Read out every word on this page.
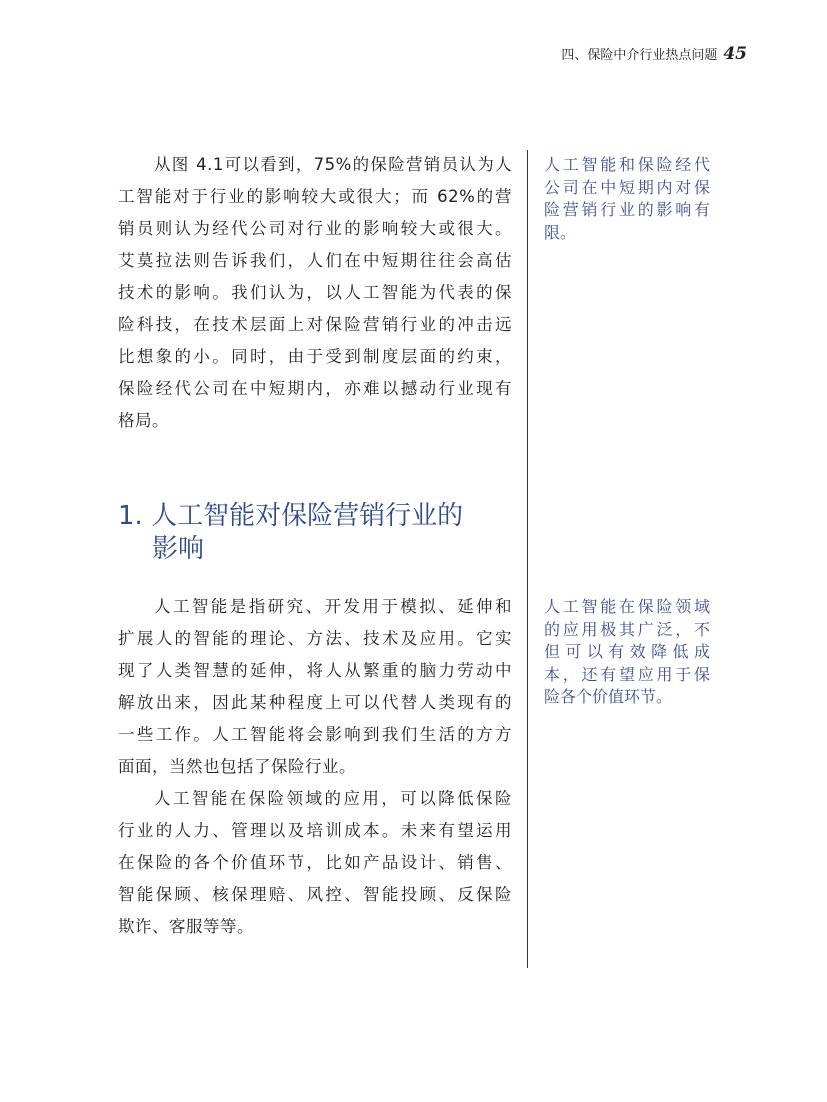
四、保险中介行业热点问题 45
从图 4.1可以看到，75%的保险营销员认为人
工智能对于行业的影响较大或很大；而 62%的营
销员则认为经代公司对行业的影响较大或很大。
艾莫拉法则告诉我们，人们在中短期往往会高估
技术的影响。我们认为，以人工智能为代表的保
险科技，在技术层面上对保险营销行业的冲击远
比想象的小。同时，由于受到制度层面的约束，
保险经代公司在中短期内，亦难以撼动行业现有
格局。
1. 人工智能对保险营销行业的
影响
人工智能是指研究、开发用于模拟、延伸和
扩展人的智能的理论、方法、技术及应用。它实
现了人类智慧的延伸，将人从繁重的脑力劳动中
解放出来，因此某种程度上可以代替人类现有的
一些工作。人工智能将会影响到我们生活的方方
面面，当然也包括了保险行业。
人工智能在保险领域的应用，可以降低保险
行业的人力、管理以及培训成本。未来有望运用
在保险的各个价值环节，比如产品设计、销售、
智能保顾、核保理赔、风控、智能投顾、反保险
欺诈、客服等等。
人工智能和保险经代
公司在中短期内对保
险营销行业的影响有
限。
人工智能在保险领域
的应用极其广泛，不
但可以有效降低成
本，还有望应用于保
险各个价值环节。
